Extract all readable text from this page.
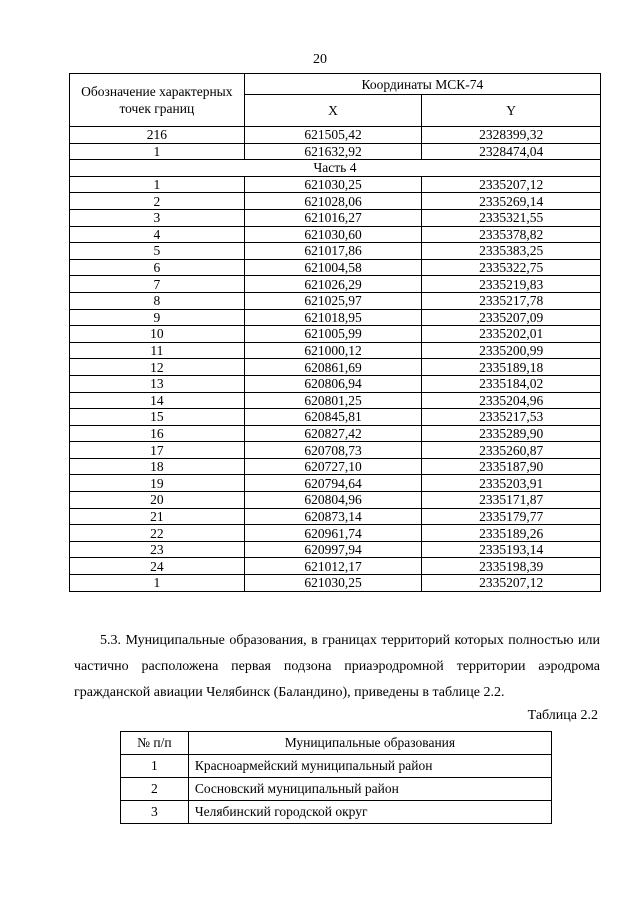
20
Обозначение характерных точек границ	Координаты МСК-74	
	X	Y
216	621505,42	2328399,32
1	621632,92	2328474,04
Часть 4		
1	621030,25	2335207,12
2	621028,06	2335269,14
3	621016,27	2335321,55
4	621030,60	2335378,82
5	621017,86	2335383,25
6	621004,58	2335322,75
7	621026,29	2335219,83
8	621025,97	2335217,78
9	621018,95	2335207,09
10	621005,99	2335202,01
11	621000,12	2335200,99
12	620861,69	2335189,18
13	620806,94	2335184,02
14	620801,25	2335204,96
15	620845,81	2335217,53
16	620827,42	2335289,90
17	620708,73	2335260,87
18	620727,10	2335187,90
19	620794,64	2335203,91
20	620804,96	2335171,87
21	620873,14	2335179,77
22	620961,74	2335189,26
23	620997,94	2335193,14
24	621012,17	2335198,39
1	621030,25	2335207,12
5.3. Муниципальные образования, в границах территорий которых полностью или частично расположена первая подзона приаэродромной территории аэродрома гражданской авиации Челябинск (Баландино), приведены в таблице 2.2.
Таблица 2.2
№ п/п	Муниципальные образования
1	Красноармейский муниципальный район
2	Сосновский муниципальный район
3	Челябинский городской округ
